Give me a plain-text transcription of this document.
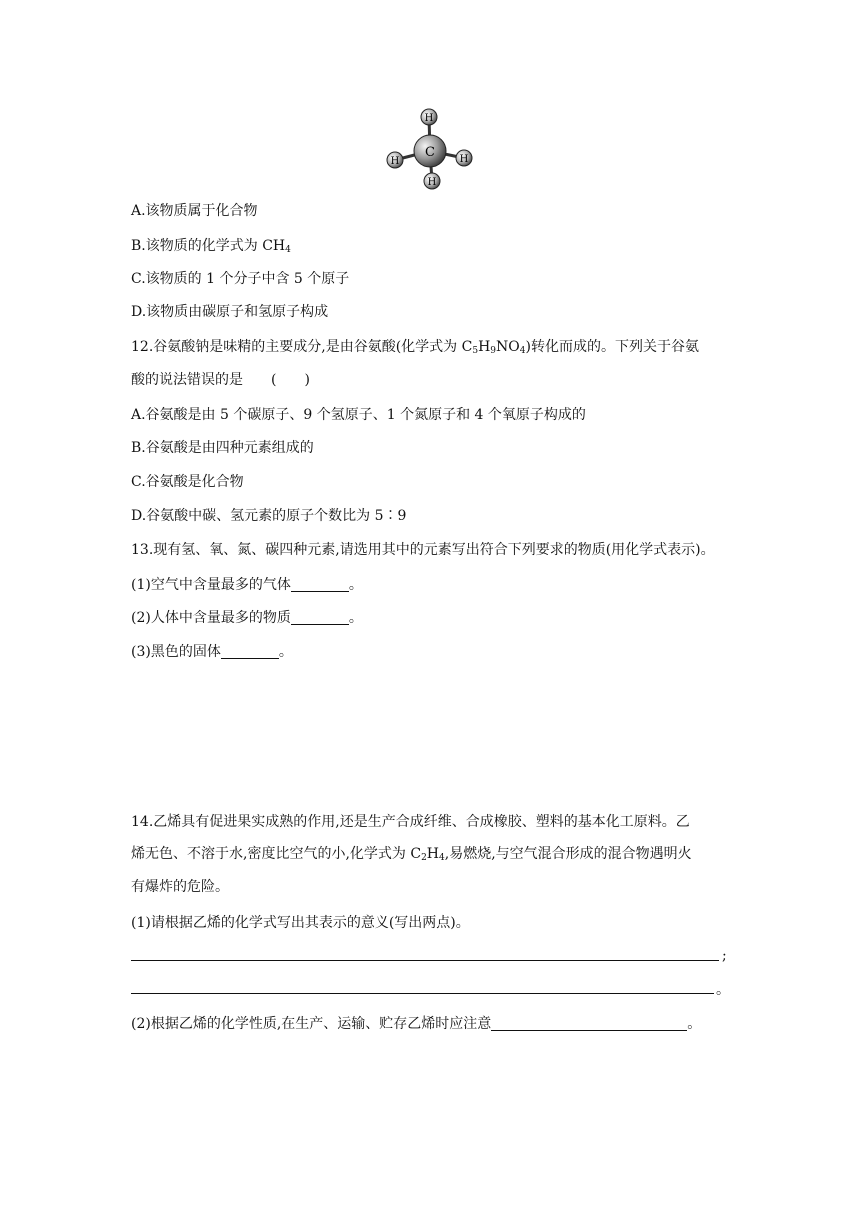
H
H	H
H
C
A.该物质属于化合物
B.该物质的化学式为 $CH_4$
C.该物质的 1 个分子中含 5 个原子
D.该物质由碳原子和氢原子构成
12.谷氨酸钠是味精的主要成分,是由谷氨酸(化学式为 $C_5H_9NO_4$)转化而成的。下列关于谷氨
酸的说法错误的是　　(　　)
A.谷氨酸是由 5 个碳原子、9 个氢原子、1 个氮原子和 4 个氧原子构成的
B.谷氨酸是由四种元素组成的
C.谷氨酸是化合物
D.谷氨酸中碳、氢元素的原子个数比为 5∶9
13.现有氢、氧、氮、碳四种元素,请选用其中的元素写出符合下列要求的物质(用化学式表示)。
(1)空气中含量最多的气体	。
(2)人体中含量最多的物质	。
(3)黑色的固体	。
14.乙烯具有促进果实成熟的作用,还是生产合成纤维、合成橡胶、塑料的基本化工原料。乙
烯无色、不溶于水,密度比空气的小,化学式为 $C_2H_4$,易燃烧,与空气混合形成的混合物遇明火
有爆炸的危险。
(1)请根据乙烯的化学式写出其表示的意义(写出两点)。
;
。
(2)根据乙烯的化学性质,在生产、运输、贮存乙烯时应注意	。
